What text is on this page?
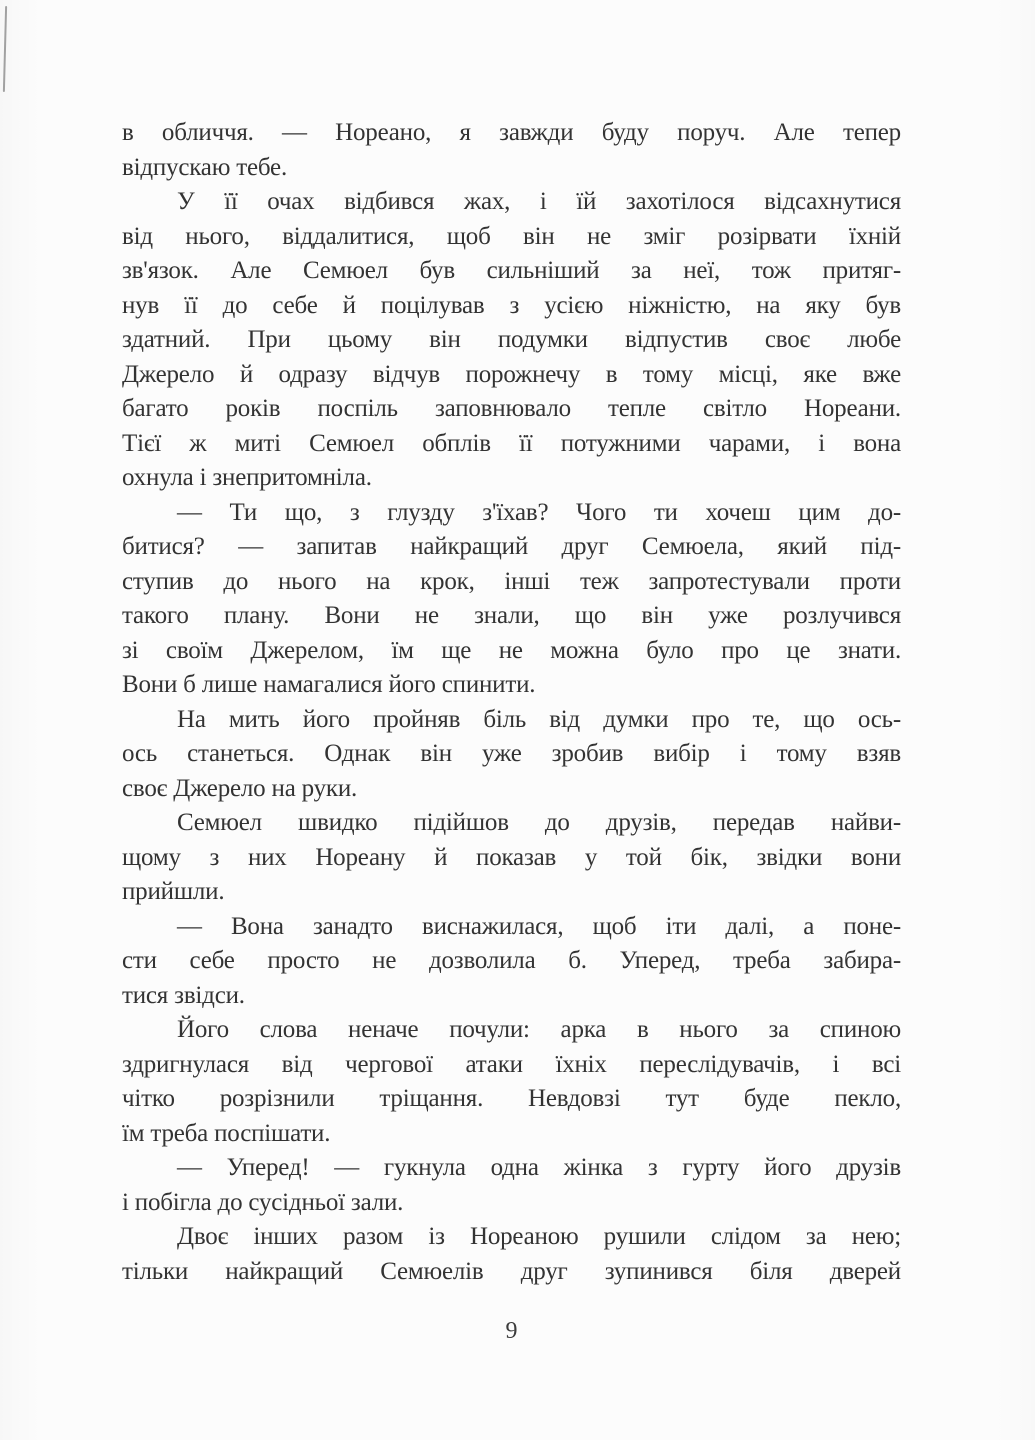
в обличчя. — Нореано, я завжди буду поруч. Але тепер
відпускаю тебе.
У її очах відбився жах, і їй захотілося відсахнутися
від нього, віддалитися, щоб він не зміг розірвати їхній
зв'язок. Але Семюел був сильніший за неї, тож притяг-
нув її до себе й поцілував з усією ніжністю, на яку був
здатний. При цьому він подумки відпустив своє любе
Джерело й одразу відчув порожнечу в тому місці, яке вже
багато років поспіль заповнювало тепле світло Нореани.
Тієї ж миті Семюел обплів її потужними чарами, і вона
охнула і знепритомніла.
— Ти що, з глузду з'їхав? Чого ти хочеш цим до-
битися? — запитав найкращий друг Семюела, який під-
ступив до нього на крок, інші теж запротестували проти
такого плану. Вони не знали, що він уже розлучився
зі своїм Джерелом, їм ще не можна було про це знати.
Вони б лише намагалися його спинити.
На мить його пройняв біль від думки про те, що ось-
ось станеться. Однак він уже зробив вибір і тому взяв
своє Джерело на руки.
Семюел швидко підійшов до друзів, передав найви-
щому з них Нореану й показав у той бік, звідки вони
прийшли.
— Вона занадто виснажилася, щоб іти далі, а поне-
сти себе просто не дозволила б. Уперед, треба забира-
тися звідси.
Його слова неначе почули: арка в нього за спиною
здригнулася від чергової атаки їхніх переслідувачів, і всі
чітко розрізнили тріщання. Невдовзі тут буде пекло,
їм треба поспішати.
— Уперед! — гукнула одна жінка з гурту його друзів
і побігла до сусідньої зали.
Двоє інших разом із Нореаною рушили слідом за нею;
тільки найкращий Семюелів друг зупинився біля дверей
9
